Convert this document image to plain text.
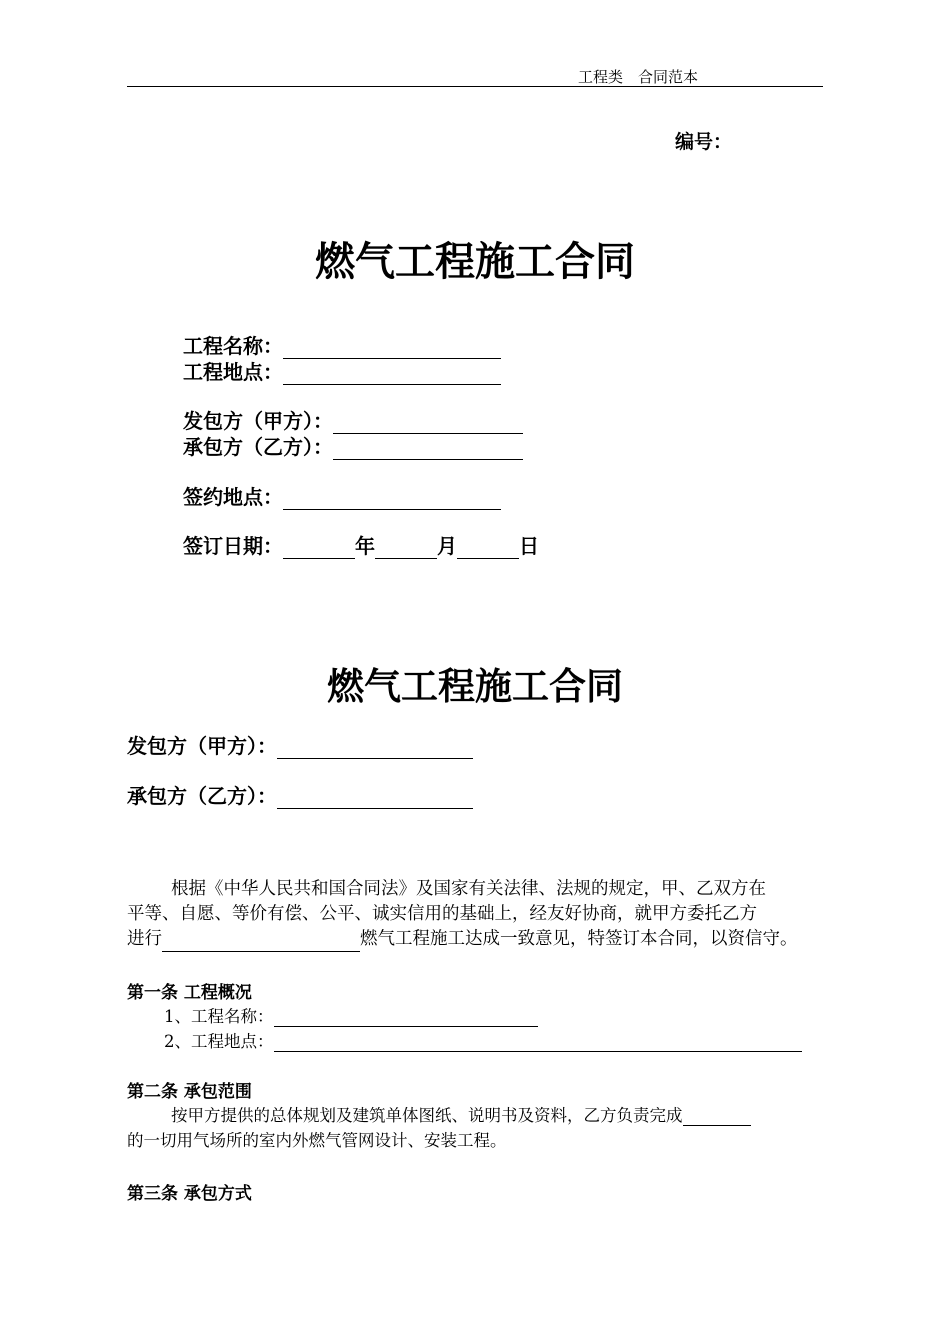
工程类　合同范本
编号：
燃气工程施工合同
工程名称：
工程地点：
发包方（甲方）：
承包方（乙方）：
签约地点：
签订日期：	年	月	日
燃气工程施工合同
发包方（甲方）：
承包方（乙方）：
根据《中华人民共和国合同法》及国家有关法律、法规的规定，甲、乙双方在
平等、自愿、等价有偿、公平、诚实信用的基础上，经友好协商，就甲方委托乙方
进行	燃气工程施工达成一致意见，特签订本合同，以资信守。
第一条 工程概况
1、工程名称：
2、工程地点：
第二条 承包范围
按甲方提供的总体规划及建筑单体图纸、说明书及资料，乙方负责完成
的一切用气场所的室内外燃气管网设计、安装工程。
第三条 承包方式
